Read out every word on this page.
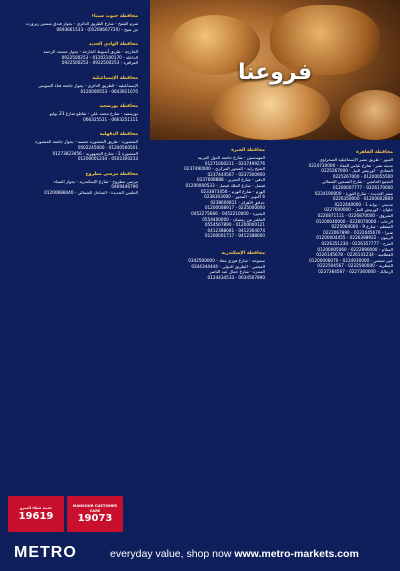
فروعنا
محافظة جنوب سيناء

شرم الشيخ - شارع الطريق الدائري - بجوار فندق شمس ريزورت

ش شيخ - (01200667720) - 0693661533

محافظة الوادي الجديد

الخارجة - طريق أسيوط الخارجة - بجوار مسجد الرحمة

الداخلة - 01202100170 - 0922500253

الفرافرة - 0922500253 - 0922500253

محافظة الإسماعيلية

الإسماعيلية - الطريق الدائري - بجوار جامعة قناة السويس

0643911070 - 0120000553

محافظة بورسعيد

بورسعيد - شارع محمد علي - تقاطع شارع 23 يوليو

0663251111 - 066325521

محافظة الدقهلية

المنصورة - طريق المنصورة جمصة - بجوار جامعة المنصورة

01200500501 - 0502245000

المنصورة 2 - شارع الجمهورية - 01273823456

0502300233 - 01200001234

محافظة مرسى مطروح

مرسى مطروح - شارع الإسكندرية - بجوار الميناء

0469446790

العلمين الجديدة - الساحل الشمالي - 01200888440

محافظة الجيزة

المهندسين - شارع جامعة الدول العربية

0237499276 - 01271000211

الشيخ زايد - المحور المركزي - 0237490000

0237300900 - 0237444567

الدقي - شارع التحرير - 0237608888

فيصل - شارع الملك فيصل - 01200000533

الهرم - شارع الهرم - 0233873456

6 أكتوبر - المحور - 0238303000

حدائق الأهرام - 0238600811

0235000000 - 01200008917

البحيرة - 0452210000 - 0452275666

العاشر من رمضان - 0554400000

01200000121 - 0554567890

0412364074 - 0412388081

0412388000 - 01200001717

محافظة الإسكندرية

سموحة - شارع فوزي معاذ - 0342500000

العجمي - الطريق الدولي - 0344344444

المنتزه - شارع جمال عبد الناصر

0034567890 - 0124434533

محافظة القاهرة

العبور - طريق مصر الإسماعيلية الصحراوي

مدينة نصر - شارع عباس العقاد - 0224730000

المعادي - كورنيش النيل - 0225267000

01200055500 - 0225267000

التجمع الخامس - شارع التسعين الشمالي

0226170000 - 01200007777

مصر الجديدة - شارع الثورة - 0224190000

01200002800 - 0226350000

مدينتي - بوابة 1 - 0222440000

حلوان - كورنيش النيل - 0227600000

الشروق - 0226870000 - 0226871111

الرحاب - 0226070000 - 01200040000

المقطم - شارع 9 - 0225060000

شبرا - 0222045670 - 0222067890

الزيتون - 0226398922 - 01200004455

المرج - 0226357777 - 0226351234

السلام - 0222890000 - 01200005060

القطامية - 0226141234 - 0226145678

عين شمس - 0224930000 - 01200006070

المطرية - 0222500000 - 0222504567

الزمالك - 0227360000 - 0227364567

خدمة عملاء المترو
19619
MANSOUR CUSTOMER CARE
19073
METRO	everyday value, shop now www.metro-markets.com
